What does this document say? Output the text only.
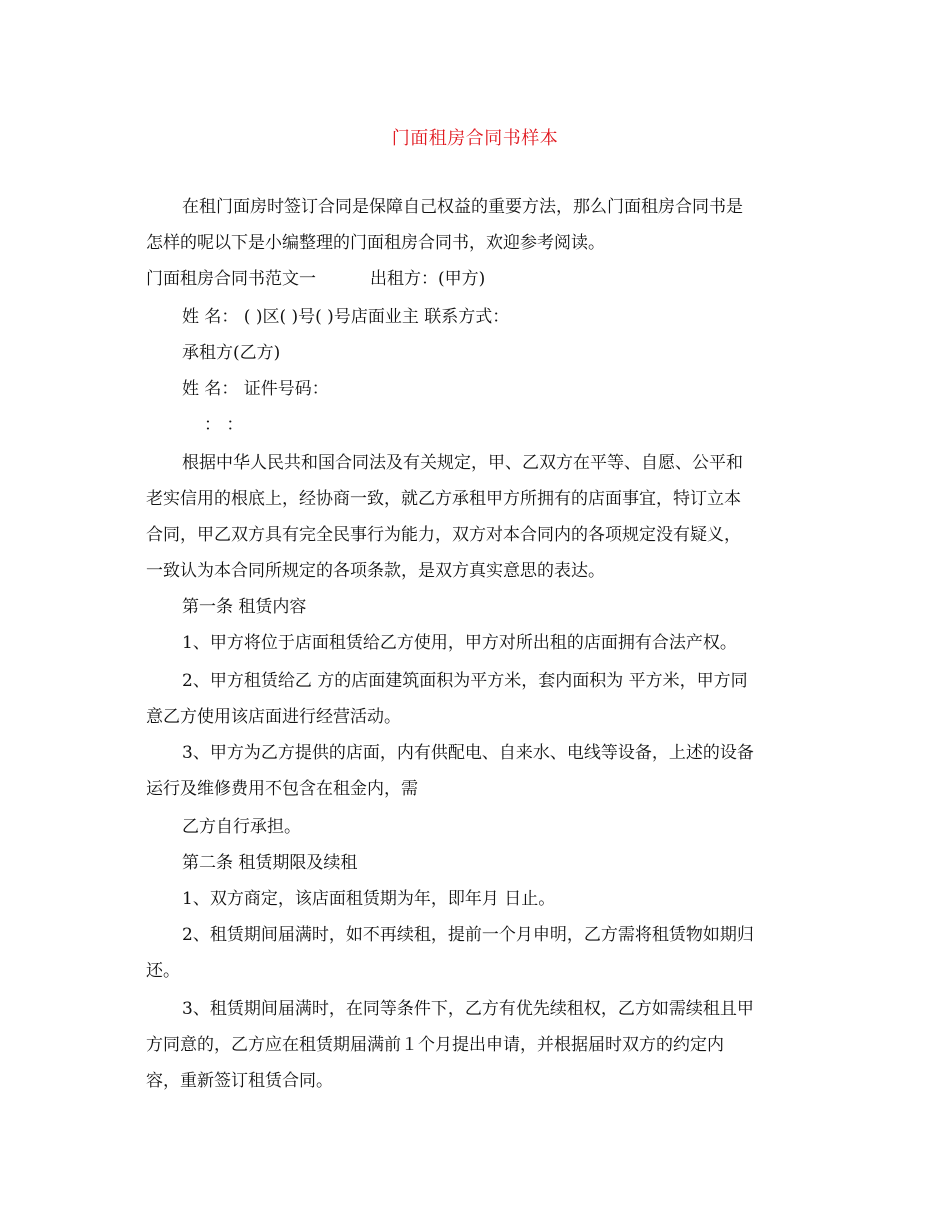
门面租房合同书样本
在租门面房时签订合同是保障自己权益的重要方法，那么门面租房合同书是
怎样的呢以下是小编整理的门面租房合同书，欢迎参考阅读。
门面租房合同书范文一	出租方：(甲方)
姓 名： ( )区( )号( )号店面业主 联系方式：
承租方(乙方)
姓 名： 证件号码：
： ：
根据中华人民共和国合同法及有关规定，甲、乙双方在平等、自愿、公平和
老实信用的根底上，经协商一致，就乙方承租甲方所拥有的店面事宜，特订立本
合同，甲乙双方具有完全民事行为能力，双方对本合同内的各项规定没有疑义，
一致认为本合同所规定的各项条款，是双方真实意思的表达。
第一条 租赁内容
1、甲方将位于店面租赁给乙方使用，甲方对所出租的店面拥有合法产权。
2、甲方租赁给乙 方的店面建筑面积为平方米，套内面积为 平方米，甲方同
意乙方使用该店面进行经营活动。
3、甲方为乙方提供的店面，内有供配电、自来水、电线等设备，上述的设备
运行及维修费用不包含在租金内，需
乙方自行承担。
第二条 租赁期限及续租
1、双方商定，该店面租赁期为年，即年月 日止。
2、租赁期间届满时，如不再续租，提前一个月申明，乙方需将租赁物如期归
还。
3、租赁期间届满时，在同等条件下，乙方有优先续租权，乙方如需续租且甲
方同意的，乙方应在租赁期届满前１个月提出申请，并根据届时双方的约定内
容，重新签订租赁合同。
